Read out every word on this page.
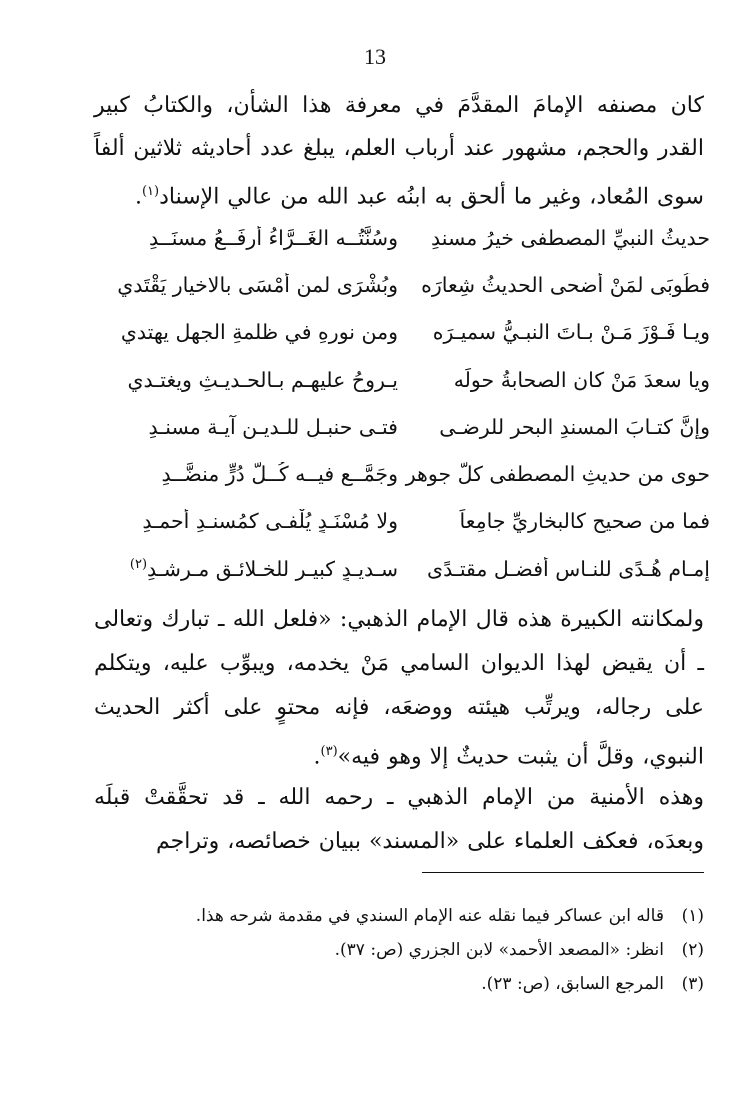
13

كان مصنفه الإمامَ المقدَّمَ في معرفة هذا الشأن، والكتابُ كبير القدر والحجم، مشهور عند أرباب العلم، يبلغ عدد أحاديثه ثلاثين ألفاً سوى المُعاد، وغير ما ألحق به ابنُه عبد الله من عالي الإسناد$^{(١)}$.

حديثُ النبيِّ المصطفى خيرُ مسندِ
وسُنَّتُــه الغَــرَّاءُ أرفَــعُ مسنَــدِ
فطُوبَى لمَنْ أضحى الحديثُ شِعارَه
وبُشْرَى لمن أَمْسَى بالاخيارِ يَقْتَدي
ويـا فَـوْزَ مَـنْ بـاتَ النبـيُّ سميـرَه
ومن نورهِ في ظلمةِ الجهلِ يهتدي
ويا سعدَ مَنْ كان الصحابةُ حولَه
يـروحُ عليهـم بـالحـديـثِ ويغتـدي
وإنَّ كتـابَ المسندِ البحرِ للرضـى
فتـى حنبـلٍ للـديـن آيـة مسنـدِ
حوى من حديثِ المصطفى كلَّ جوهرٍ
وجَمَّــع فيــه كُــلَّ دُرٍّ منضَّــدِ
فما من صحيحٍ كالبخاريِّ جامِعاً
ولا مُسْنَـدٍ يُلْفـى كمُسنـدِ أحمـدِ
إمـامِ هُـدًى للنـاسِ أفضـلِ مقتـدًى
سـديـدٍ كبيـرٍ للخـلائـقِ مـرشـدِ$^{(٢)}$

ولمكانته الكبيرة هذه قال الإمام الذهبي: «فلعل الله ـ تبارك وتعالى ـ أن يقيض لهذا الديوان السامي مَنْ يخدمه، ويبوِّب عليه، ويتكلم على رجاله، ويرتِّب هيئته ووضعَه، فإنه محتوٍ على أكثر الحديث النبوي، وقلَّ أن يثبت حديثٌ إلا وهو فيه»$^{(٣)}$.

وهذه الأمنية من الإمام الذهبي ـ رحمه الله ـ قد تحقَّقتْ قبلَه وبعدَه، فعكف العلماء على «المسند» ببيان خصائصه، وتراجم

(١)
قاله ابن عساكر فيما نقله عنه الإمام السندي في مقدمة شرحه هذا.
(٢)
انظر: «المصعد الأحمد» لابن الجزري (ص: ٣٧).
(٣)
المرجع السابق، (ص: ٢٣).
